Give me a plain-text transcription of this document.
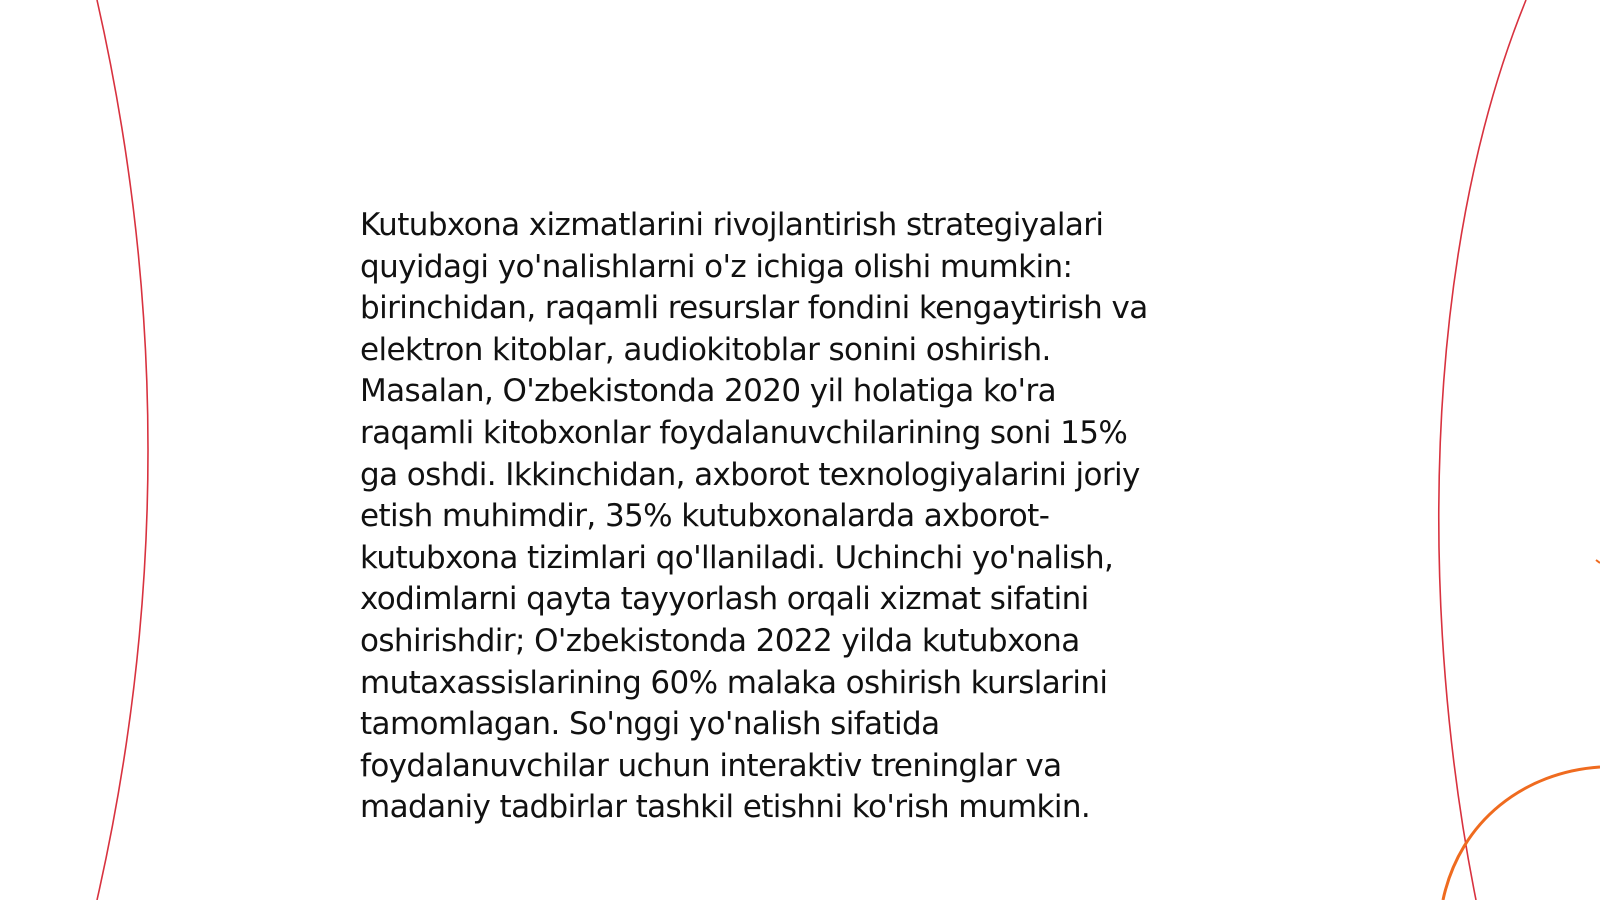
Kutubxona xizmatlarini rivojlantirish strategiyalari
quyidagi yo'nalishlarni o'z ichiga olishi mumkin:
birinchidan, raqamli resurslar fondini kengaytirish va
elektron kitoblar, audiokitoblar sonini oshirish.
Masalan, O'zbekistonda 2020 yil holatiga ko'ra
raqamli kitobxonlar foydalanuvchilarining soni 15%
ga oshdi. Ikkinchidan, axborot texnologiyalarini joriy
etish muhimdir, 35% kutubxonalarda axborot-
kutubxona tizimlari qo'llaniladi. Uchinchi yo'nalish,
xodimlarni qayta tayyorlash orqali xizmat sifatini
oshirishdir; O'zbekistonda 2022 yilda kutubxona
mutaxassislarining 60% malaka oshirish kurslarini
tamomlagan. So'nggi yo'nalish sifatida
foydalanuvchilar uchun interaktiv treninglar va
madaniy tadbirlar tashkil etishni ko'rish mumkin.
